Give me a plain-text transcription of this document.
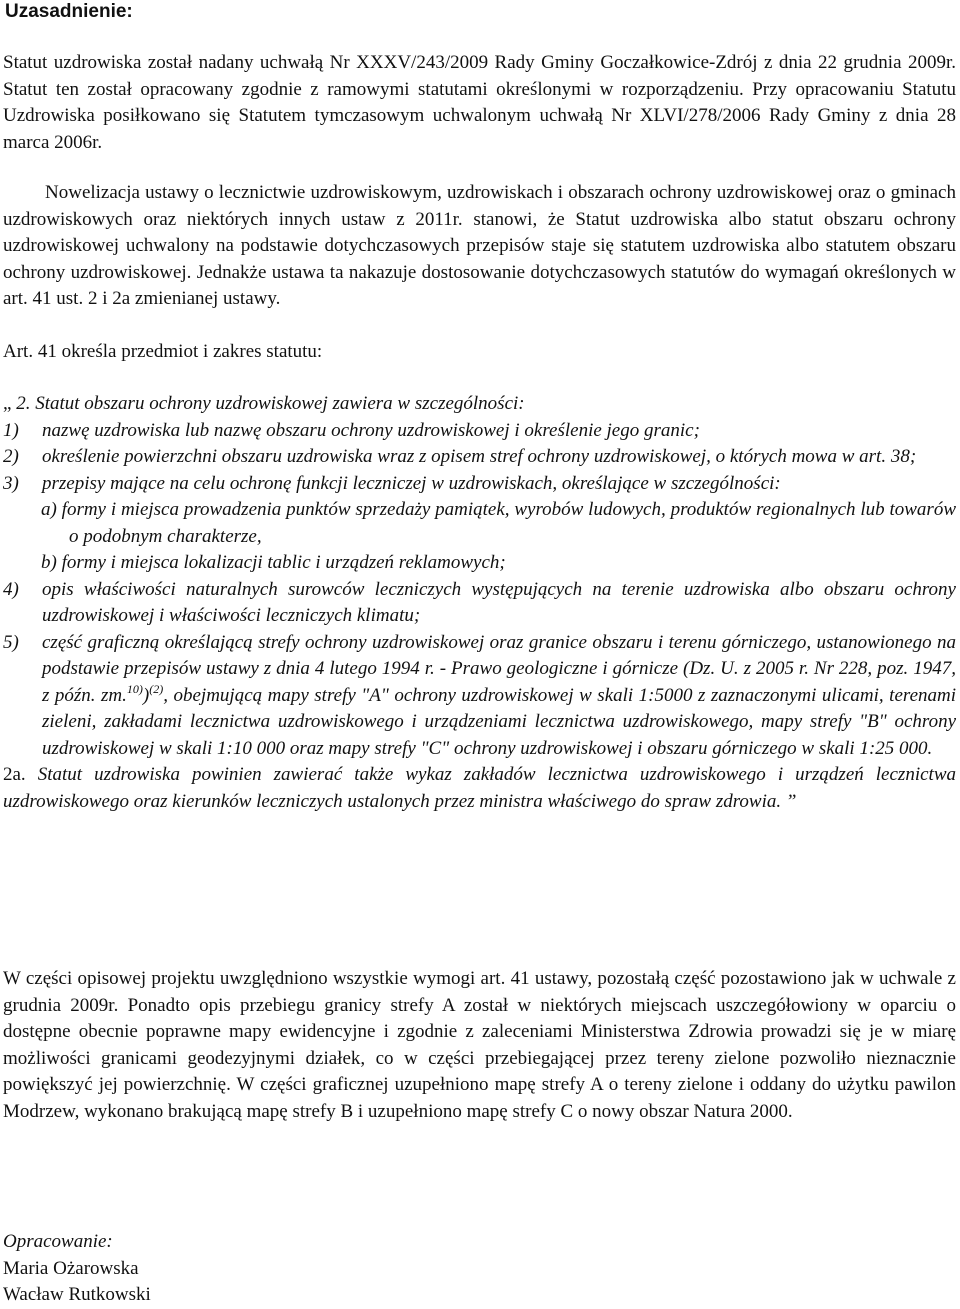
Uzasadnienie:
Statut uzdrowiska został nadany uchwałą Nr XXXV/243/2009 Rady Gminy Goczałkowice-Zdrój z dnia 22 grudnia 2009r. Statut ten został opracowany zgodnie z ramowymi statutami określonymi w rozporządzeniu. Przy opracowaniu Statutu Uzdrowiska posiłkowano się Statutem tymczasowym uchwalonym uchwałą Nr XLVI/278/2006 Rady Gminy z dnia 28 marca 2006r.
Nowelizacja ustawy o lecznictwie uzdrowiskowym, uzdrowiskach i obszarach ochrony uzdrowiskowej oraz o gminach uzdrowiskowych oraz niektórych innych ustaw z 2011r. stanowi, że Statut uzdrowiska albo statut obszaru ochrony uzdrowiskowej uchwalony na podstawie dotychczasowych przepisów staje się statutem uzdrowiska albo statutem obszaru ochrony uzdrowiskowej. Jednakże ustawa ta nakazuje dostosowanie dotychczasowych statutów do wymagań określonych w art. 41 ust. 2 i 2a zmienianej ustawy.
Art. 41 określa przedmiot i zakres statutu:
„ 2. Statut obszaru ochrony uzdrowiskowej zawiera w szczególności:
1) nazwę uzdrowiska lub nazwę obszaru ochrony uzdrowiskowej i określenie jego granic;
2) określenie powierzchni obszaru uzdrowiska wraz z opisem stref ochrony uzdrowiskowej, o których mowa w art. 38;
3) przepisy mające na celu ochronę funkcji leczniczej w uzdrowiskach, określające w szczególności:
a) formy i miejsca prowadzenia punktów sprzedaży pamiątek, wyrobów ludowych, produktów regionalnych lub towarów o podobnym charakterze,
b) formy i miejsca lokalizacji tablic i urządzeń reklamowych;
4) opis właściwości naturalnych surowców leczniczych występujących na terenie uzdrowiska albo obszaru ochrony uzdrowiskowej i właściwości leczniczych klimatu;
5) część graficzną określającą strefy ochrony uzdrowiskowej oraz granice obszaru i terenu górniczego, ustanowionego na podstawie przepisów ustawy z dnia 4 lutego 1994 r. - Prawo geologiczne i górnicze (Dz. U. z 2005 r. Nr 228, poz. 1947, z późn. zm.$^{10)}$)$^{(2)}$, obejmującą mapy strefy "A" ochrony uzdrowiskowej w skali 1:5000 z zaznaczonymi ulicami, terenami zieleni, zakładami lecznictwa uzdrowiskowego i urządzeniami lecznictwa uzdrowiskowego, mapy strefy "B" ochrony uzdrowiskowej w skali 1:10 000 oraz mapy strefy "C" ochrony uzdrowiskowej i obszaru górniczego w skali 1:25 000.
2a. Statut uzdrowiska powinien zawierać także wykaz zakładów lecznictwa uzdrowiskowego i urządzeń lecznictwa uzdrowiskowego oraz kierunków leczniczych ustalonych przez ministra właściwego do spraw zdrowia. ”
W części opisowej projektu uwzględniono wszystkie wymogi art. 41 ustawy, pozostałą część pozostawiono jak w uchwale z grudnia 2009r. Ponadto opis przebiegu granicy strefy A został w niektórych miejscach uszczegółowiony w oparciu o dostępne obecnie poprawne mapy ewidencyjne i zgodnie z zaleceniami Ministerstwa Zdrowia prowadzi się je w miarę możliwości granicami geodezyjnymi działek, co w części przebiegającej przez tereny zielone pozwoliło nieznacznie powiększyć jej powierzchnię. W części graficznej uzupełniono mapę strefy A o tereny zielone i oddany do użytku pawilon Modrzew, wykonano brakującą mapę strefy B i uzupełniono mapę strefy C o nowy obszar Natura 2000.
Opracowanie:
Maria Ożarowska
Wacław Rutkowski
